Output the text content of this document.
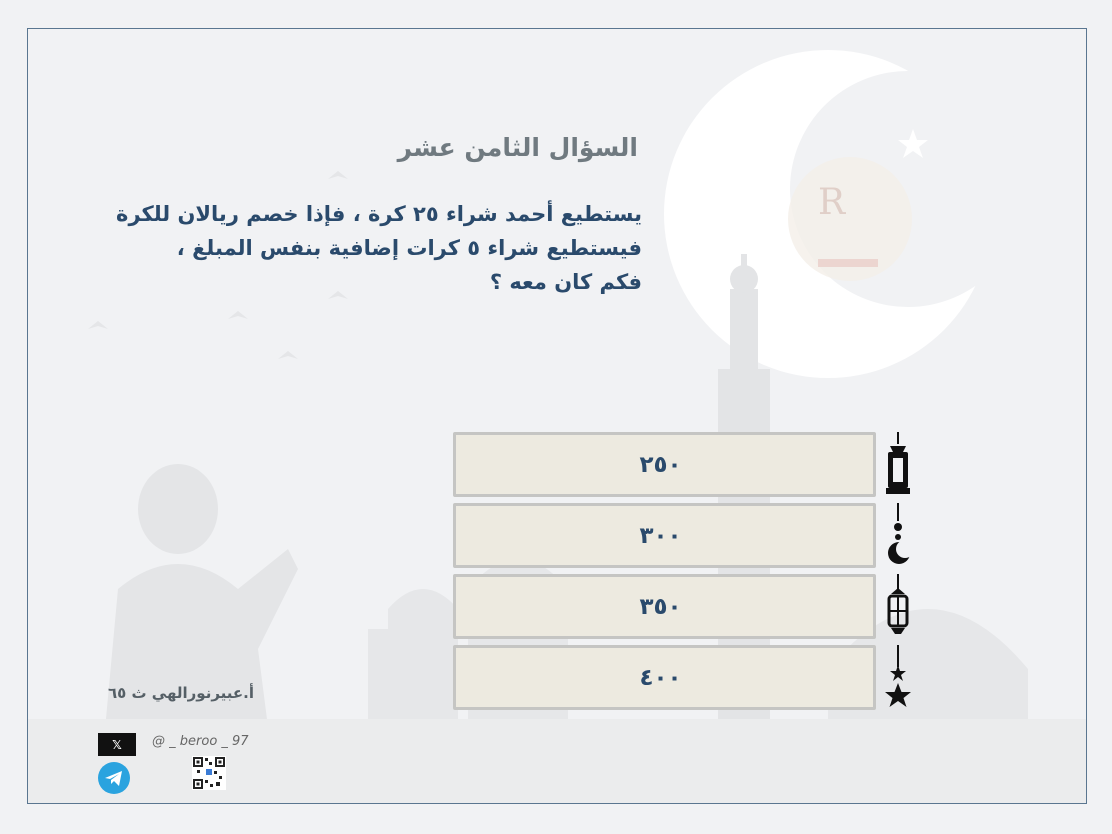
R
السؤال الثامن عشر
يستطيع أحمد شراء ٢٥ كرة ، فإذا خصم ريالان للكرة
فيستطيع شراء ٥ كرات إضافية بنفس المبلغ ،
فكم كان معه ؟
٢٥٠
٣٠٠
٣٥٠
٤٠٠
أ.عبيرنورالهي ث ٦٥
𝕏 @ _ beroo _ 97
